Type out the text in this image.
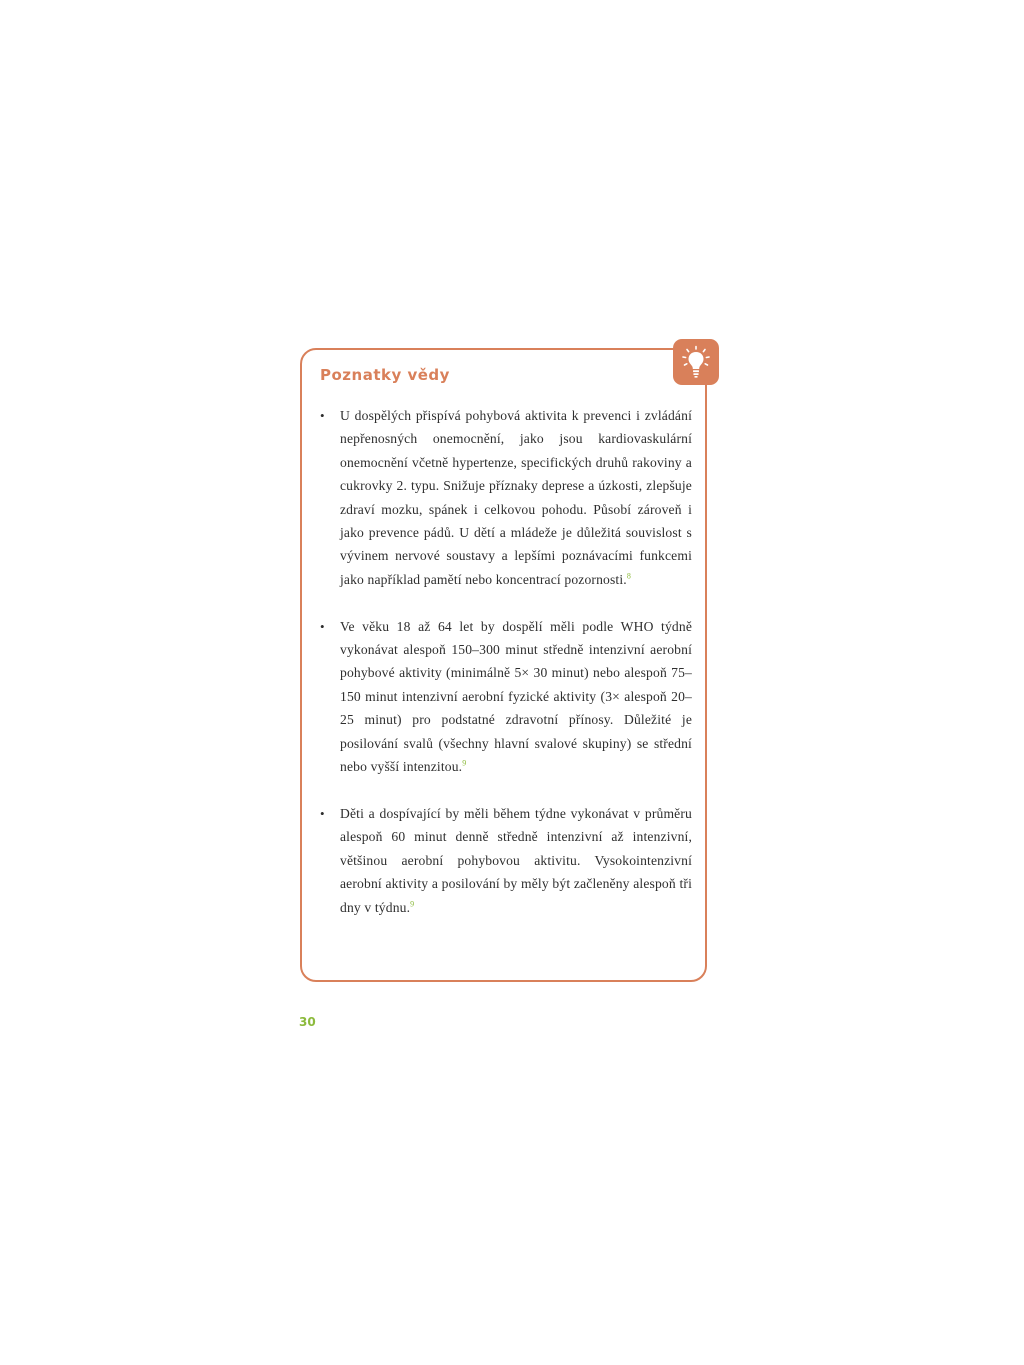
Poznatky vědy
• U dospělých přispívá pohybová aktivita k prevenci i zvládání nepřenosných onemocnění, jako jsou kardiovaskulární onemocnění včetně hypertenze, specifických druhů rakoviny a cukrovky 2. typu. Snižuje příznaky deprese a úzkosti, zlepšuje zdraví mozku, spánek i celkovou pohodu. Působí zároveň i jako prevence pádů. U dětí a mládeže je důležitá souvislost s vývinem nervové soustavy a lepšími poznávacími funkcemi jako například pamětí nebo koncentrací pozornosti.$^8$
• Ve věku 18 až 64 let by dospělí měli podle WHO týdně vykonávat alespoň 150–300 minut středně intenzivní aerobní pohybové aktivity (minimálně 5× 30 minut) nebo alespoň 75–150 minut intenzivní aerobní fyzické aktivity (3× alespoň 20–25 minut) pro podstatné zdravotní přínosy. Důležité je posilování svalů (všechny hlavní svalové skupiny) se střední nebo vyšší intenzitou.$^9$
• Děti a dospívající by měli během týdne vykonávat v průměru alespoň 60 minut denně středně intenzivní až intenzivní, většinou aerobní pohybovou aktivitu. Vysokointenzivní aerobní aktivity a posilování by měly být začleněny alespoň tři dny v týdnu.$^9$
30
